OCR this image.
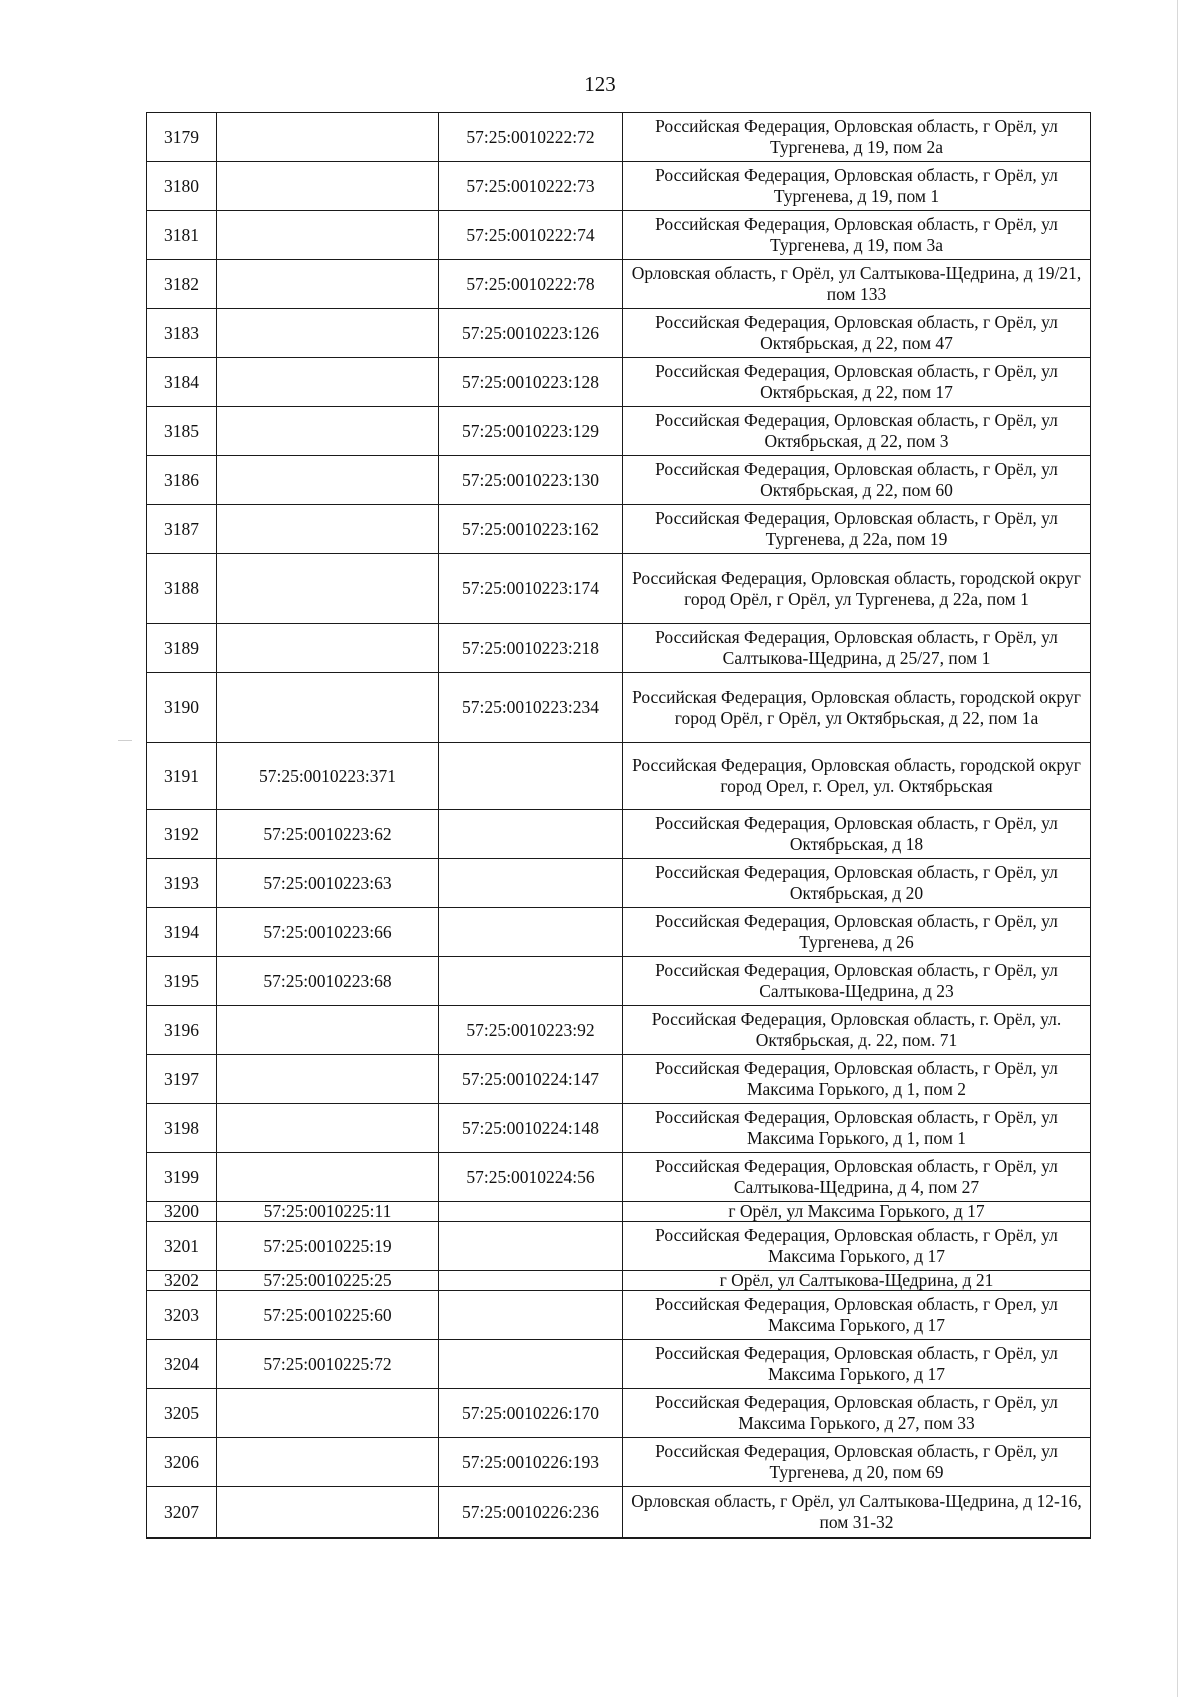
123
3179		57:25:0010222:72	Российская Федерация, Орловская область, г Орёл, ул Тургенева, д 19, пом 2а
3180		57:25:0010222:73	Российская Федерация, Орловская область, г Орёл, ул Тургенева, д 19, пом 1
3181		57:25:0010222:74	Российская Федерация, Орловская область, г Орёл, ул Тургенева, д 19, пом 3а
3182		57:25:0010222:78	Орловская область, г Орёл, ул Салтыкова-Щедрина, д 19/21, пом 133
3183		57:25:0010223:126	Российская Федерация, Орловская область, г Орёл, ул Октябрьская, д 22, пом 47
3184		57:25:0010223:128	Российская Федерация, Орловская область, г Орёл, ул Октябрьская, д 22, пом 17
3185		57:25:0010223:129	Российская Федерация, Орловская область, г Орёл, ул Октябрьская, д 22, пом 3
3186		57:25:0010223:130	Российская Федерация, Орловская область, г Орёл, ул Октябрьская, д 22, пом 60
3187		57:25:0010223:162	Российская Федерация, Орловская область, г Орёл, ул Тургенева, д 22а, пом 19
3188		57:25:0010223:174	Российская Федерация, Орловская область, городской округ город Орёл, г Орёл, ул Тургенева, д 22а, пом 1
3189		57:25:0010223:218	Российская Федерация, Орловская область, г Орёл, ул Салтыкова-Щедрина, д 25/27, пом 1
3190		57:25:0010223:234	Российская Федерация, Орловская область, городской округ город Орёл, г Орёл, ул Октябрьская, д 22, пом 1а
3191	57:25:0010223:371		Российская Федерация, Орловская область, городской округ город Орел, г. Орел, ул. Октябрьская
3192	57:25:0010223:62		Российская Федерация, Орловская область, г Орёл, ул Октябрьская, д 18
3193	57:25:0010223:63		Российская Федерация, Орловская область, г Орёл, ул Октябрьская, д 20
3194	57:25:0010223:66		Российская Федерация, Орловская область, г Орёл, ул Тургенева, д 26
3195	57:25:0010223:68		Российская Федерация, Орловская область, г Орёл, ул Салтыкова-Щедрина, д 23
3196		57:25:0010223:92	Российская Федерация, Орловская область, г. Орёл, ул. Октябрьская, д. 22, пом. 71
3197		57:25:0010224:147	Российская Федерация, Орловская область, г Орёл, ул Максима Горького, д 1, пом 2
3198		57:25:0010224:148	Российская Федерация, Орловская область, г Орёл, ул Максима Горького, д 1, пом 1
3199		57:25:0010224:56	Российская Федерация, Орловская область, г Орёл, ул Салтыкова-Щедрина, д 4, пом 27
3200	57:25:0010225:11		г Орёл, ул Максима Горького, д 17
3201	57:25:0010225:19		Российская Федерация, Орловская область, г Орёл, ул Максима Горького, д 17
3202	57:25:0010225:25		г Орёл, ул Салтыкова-Щедрина, д 21
3203	57:25:0010225:60		Российская Федерация, Орловская область, г Орел, ул Максима Горького, д 17
3204	57:25:0010225:72		Российская Федерация, Орловская область, г Орёл, ул Максима Горького, д 17
3205		57:25:0010226:170	Российская Федерация, Орловская область, г Орёл, ул Максима Горького, д 27, пом 33
3206		57:25:0010226:193	Российская Федерация, Орловская область, г Орёл, ул Тургенева, д 20, пом 69
3207		57:25:0010226:236	Орловская область, г Орёл, ул Салтыкова-Щедрина, д 12-16, пом 31-32
